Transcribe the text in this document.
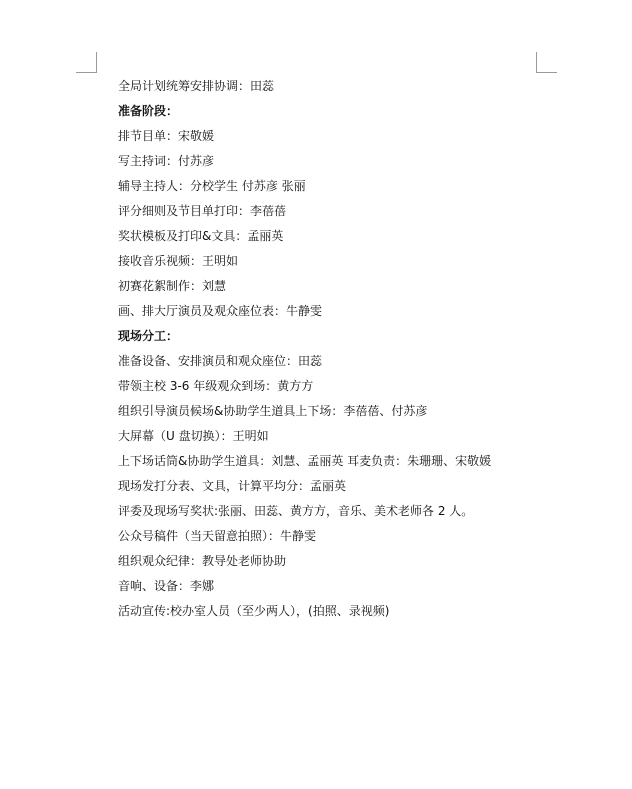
全局计划统筹安排协调：田蕊
准备阶段：
排节目单：宋敬媛
写主持词：付苏彦
辅导主持人：分校学生 付苏彦 张丽
评分细则及节目单打印：李蓓蓓
奖状模板及打印&文具：孟丽英
接收音乐视频：王明如
初赛花絮制作：刘慧
画、排大厅演员及观众座位表：牛静雯
现场分工：
准备设备、安排演员和观众座位：田蕊
带领主校 3-6 年级观众到场：黄方方
组织引导演员候场&协助学生道具上下场：李蓓蓓、付苏彦
大屏幕（U 盘切换）：王明如
上下场话筒&协助学生道具：刘慧、孟丽英 耳麦负责：朱珊珊、宋敬媛
现场发打分表、文具，计算平均分：孟丽英
评委及现场写奖状:张丽、田蕊、黄方方，音乐、美术老师各 2 人。
公众号稿件（当天留意拍照）：牛静雯
组织观众纪律：教导处老师协助
音响、设备：李娜
活动宣传:校办室人员（至少两人），(拍照、录视频)
